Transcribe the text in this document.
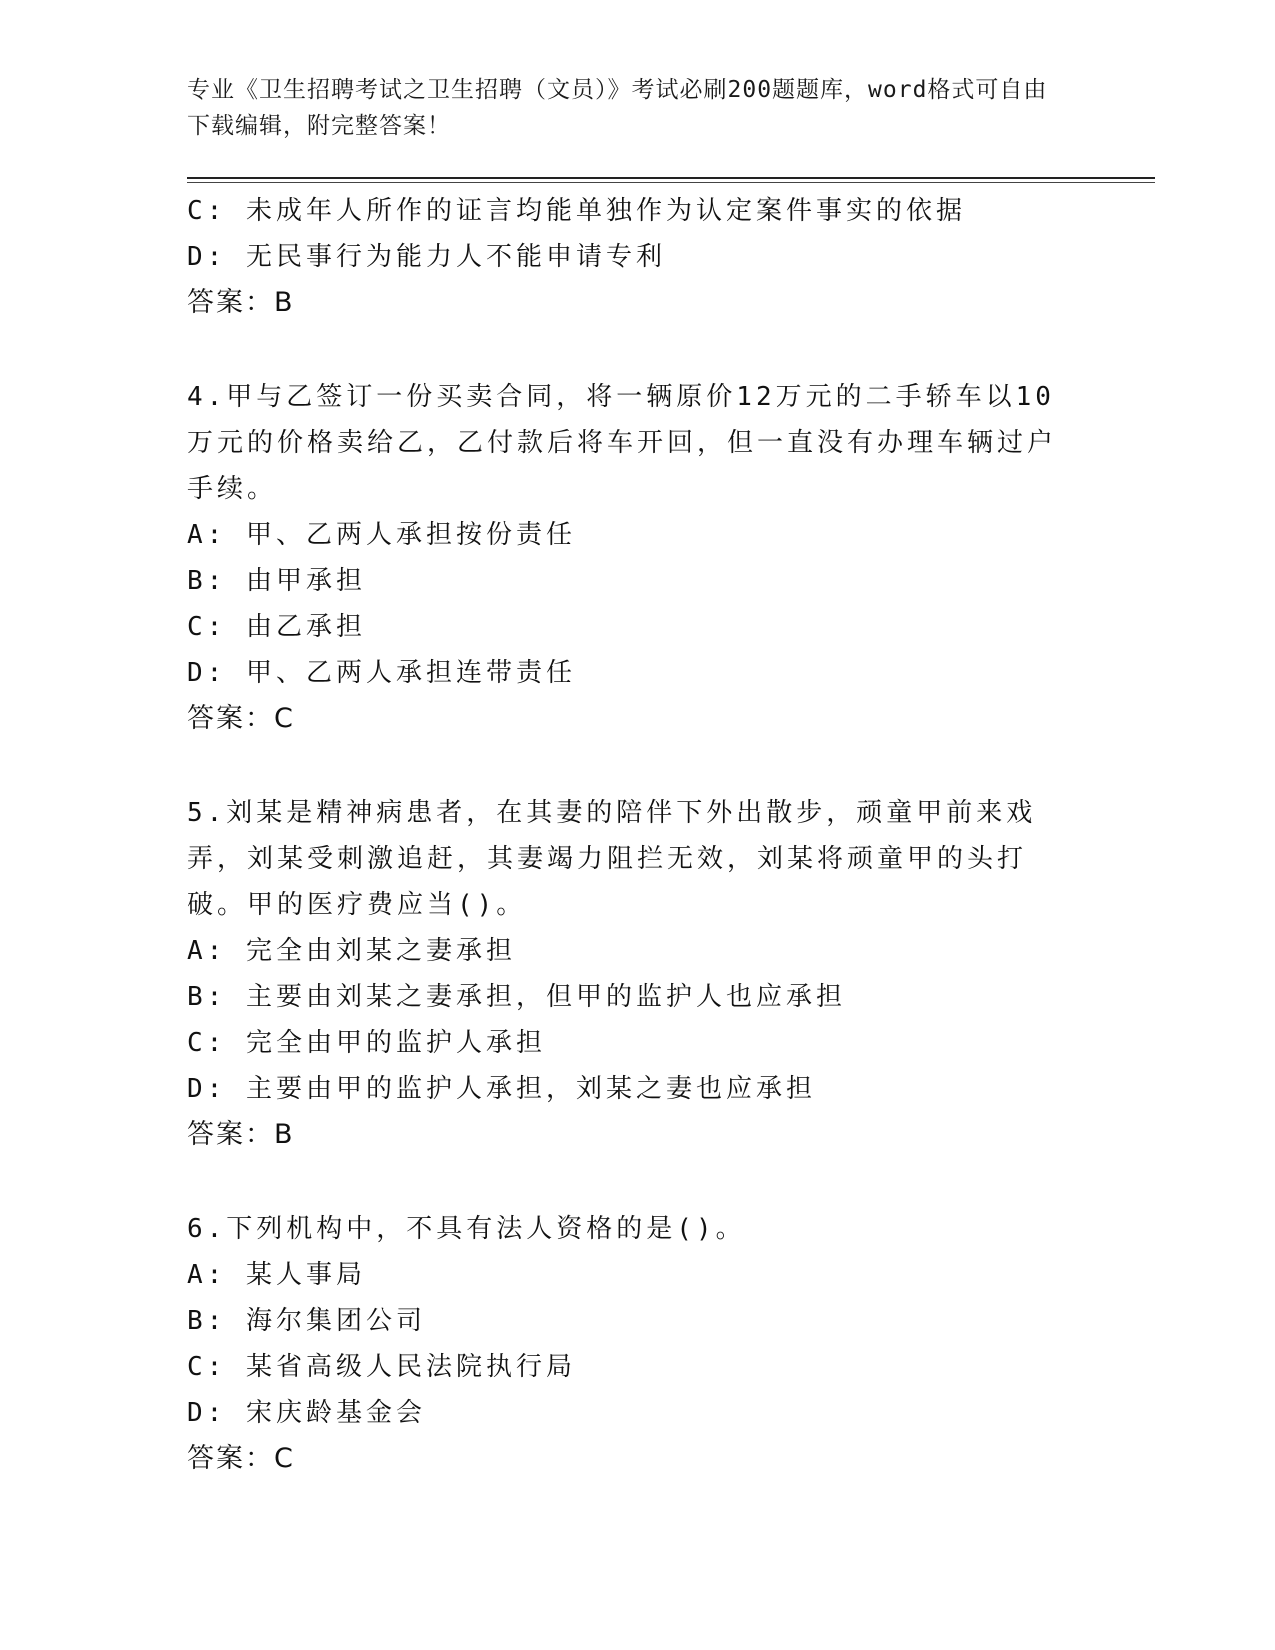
专业《卫生招聘考试之卫生招聘（文员）》考试必刷200题题库，word格式可自由下载编辑，附完整答案！
C: 未成年人所作的证言均能单独作为认定案件事实的依据
D: 无民事行为能力人不能申请专利
答案：B
4.甲与乙签订一份买卖合同，将一辆原价12万元的二手轿车以10万元的价格卖给乙，乙付款后将车开回，但一直没有办理车辆过户手续。
A: 甲、乙两人承担按份责任
B: 由甲承担
C: 由乙承担
D: 甲、乙两人承担连带责任
答案：C
5.刘某是精神病患者，在其妻的陪伴下外出散步，顽童甲前来戏弄，刘某受刺激追赶，其妻竭力阻拦无效，刘某将顽童甲的头打破。甲的医疗费应当()。
A: 完全由刘某之妻承担
B: 主要由刘某之妻承担，但甲的监护人也应承担
C: 完全由甲的监护人承担
D: 主要由甲的监护人承担，刘某之妻也应承担
答案：B
6.下列机构中，不具有法人资格的是()。
A: 某人事局
B: 海尔集团公司
C: 某省高级人民法院执行局
D: 宋庆龄基金会
答案：C
